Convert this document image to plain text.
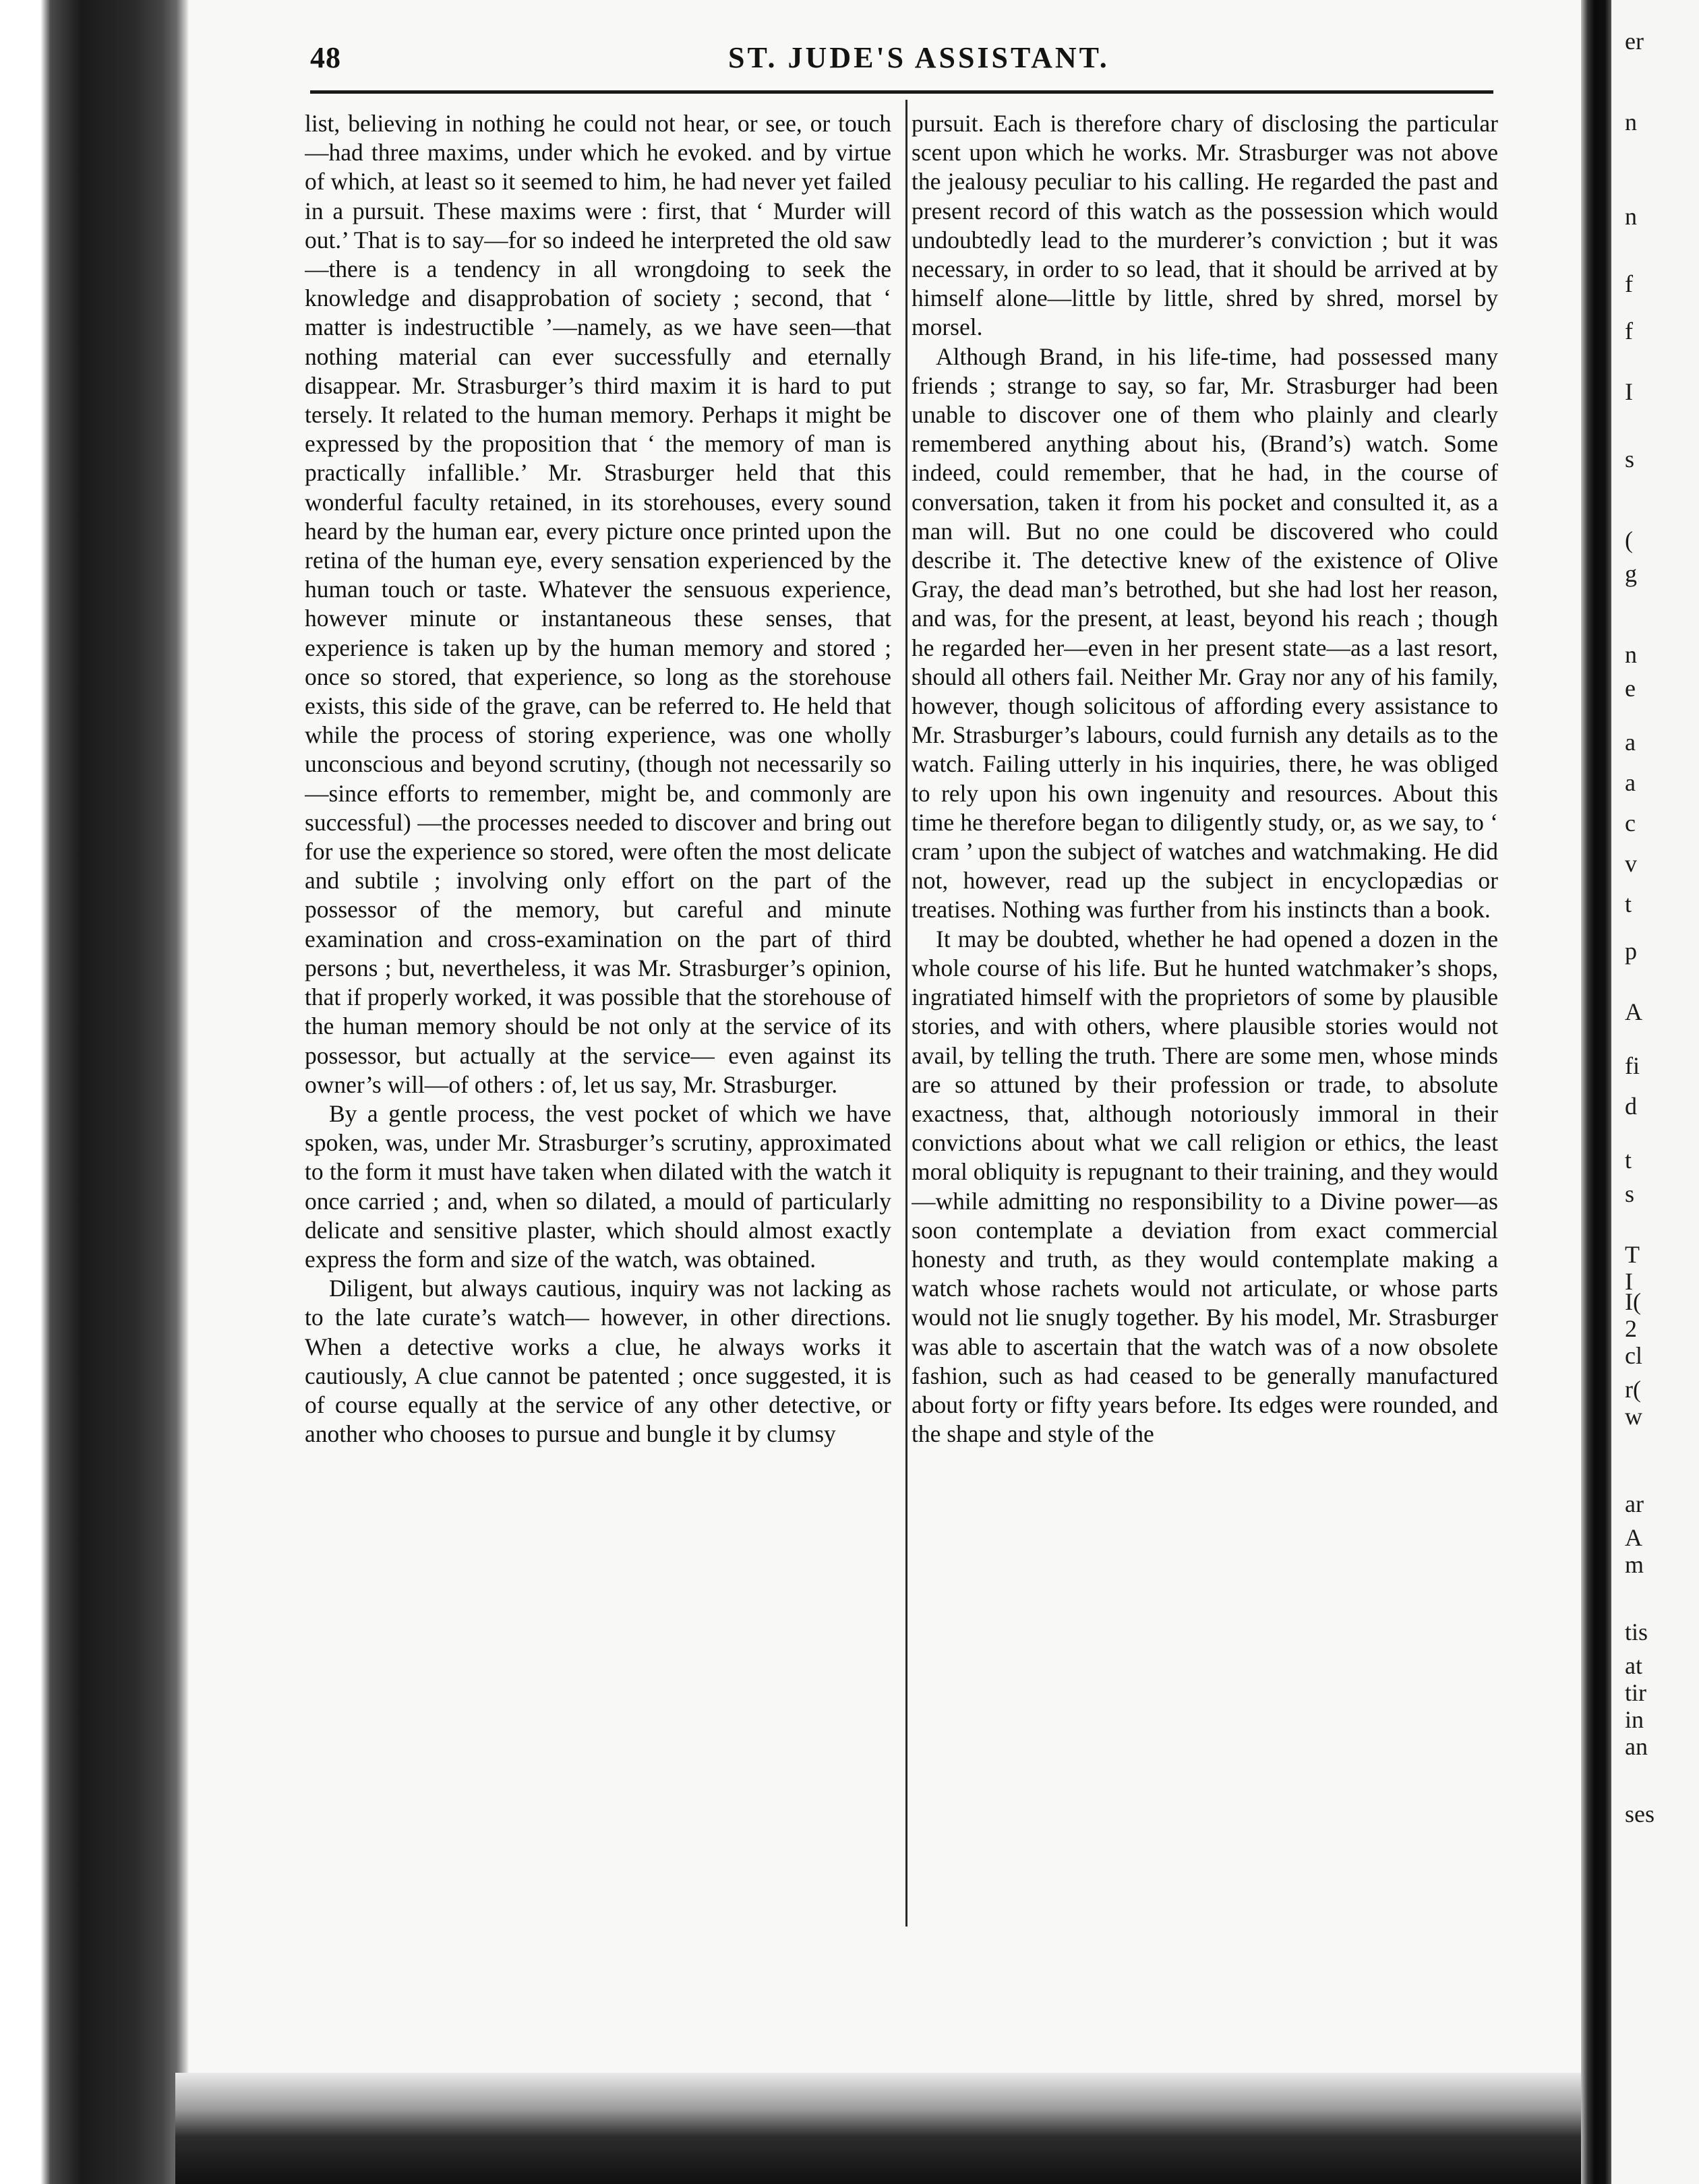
48	ST. JUDE'S ASSISTANT.

list, believing in nothing he could not hear, or see, or touch—had three maxims, under which he evoked. and by virtue of which, at least so it seemed to him, he had never yet failed in a pursuit. These maxims were : first, that ‘ Murder will out.’ That is to say—for so indeed he interpreted the old saw—there is a tendency in all wrongdoing to seek the knowledge and disapprobation of society ; second, that ‘ matter is indestructible ’—namely, as we have seen—that nothing material can ever successfully and eternally disappear. Mr. Strasburger’s third maxim it is hard to put tersely. It related to the human memory. Perhaps it might be expressed by the proposition that ‘ the memory of man is practically infallible.’ Mr. Strasburger held that this wonderful faculty retained, in its storehouses, every sound heard by the human ear, every picture once printed upon the retina of the human eye, every sensation experienced by the human touch or taste. Whatever the sensuous experience, however minute or instantaneous these senses, that experience is taken up by the human memory and stored ; once so stored, that experience, so long as the storehouse exists, this side of the grave, can be referred to. He held that while the process of storing experience, was one wholly unconscious and beyond scrutiny, (though not necessarily so—since efforts to remember, might be, and commonly are successful) —the processes needed to discover and bring out for use the experience so stored, were often the most delicate and subtile ; involving only effort on the part of the possessor of the memory, but careful and minute examination and cross-examination on the part of third persons ; but, nevertheless, it was Mr. Strasburger’s opinion, that if properly worked, it was possible that the storehouse of the human memory should be not only at the service of its possessor, but actually at the service— even against its owner’s will—of others : of, let us say, Mr. Strasburger.

By a gentle process, the vest pocket of which we have spoken, was, under Mr. Strasburger’s scrutiny, approximated to the form it must have taken when dilated with the watch it once carried ; and, when so dilated, a mould of particularly delicate and sensitive plaster, which should almost exactly express the form and size of the watch, was obtained.

Diligent, but always cautious, inquiry was not lacking as to the late curate’s watch— however, in other directions. When a detective works a clue, he always works it cautiously, A clue cannot be patented ; once suggested, it is of course equally at the service of any other detective, or another who chooses to pursue and bungle it by clumsy

pursuit. Each is therefore chary of disclosing the particular scent upon which he works. Mr. Strasburger was not above the jealousy peculiar to his calling. He regarded the past and present record of this watch as the possession which would undoubtedly lead to the murderer’s conviction ; but it was necessary, in order to so lead, that it should be arrived at by himself alone—little by little, shred by shred, morsel by morsel.

Although Brand, in his life-time, had possessed many friends ; strange to say, so far, Mr. Strasburger had been unable to discover one of them who plainly and clearly remembered anything about his, (Brand’s) watch. Some indeed, could remember, that he had, in the course of conversation, taken it from his pocket and consulted it, as a man will. But no one could be discovered who could describe it. The detective knew of the existence of Olive Gray, the dead man’s betrothed, but she had lost her reason, and was, for the present, at least, beyond his reach ; though he regarded her—even in her present state—as a last resort, should all others fail. Neither Mr. Gray nor any of his family, however, though solicitous of affording every assistance to Mr. Strasburger’s labours, could furnish any details as to the watch. Failing utterly in his inquiries, there, he was obliged to rely upon his own ingenuity and resources. About this time he therefore began to diligently study, or, as we say, to ‘ cram ’ upon the subject of watches and watchmaking. He did not, however, read up the subject in encyclopædias or treatises. Nothing was further from his instincts than a book.

It may be doubted, whether he had opened a dozen in the whole course of his life. But he hunted watchmaker’s shops, ingratiated himself with the proprietors of some by plausible stories, and with others, where plausible stories would not avail, by telling the truth. There are some men, whose minds are so attuned by their profession or trade, to absolute exactness, that, although notoriously immoral in their convictions about what we call religion or ethics, the least moral obliquity is repugnant to their training, and they would—while admitting no responsibility to a Divine power—as soon contemplate a deviation from exact commercial honesty and truth, as they would contemplate making a watch whose rachets would not articulate, or whose parts would not lie snugly together. By his model, Mr. Strasburger was able to ascertain that the watch was of a now obsolete fashion, such as had ceased to be generally manufactured about forty or fifty years before. Its edges were rounded, and the shape and style of the

er
n
n
f
f
I
s
(
g
n
e
a
a
c
v
t
p
A
fi
d
t
s
T
I
I(
2
cl
r(
w
ar
A
m
tis
at
tir
in
an
ses
